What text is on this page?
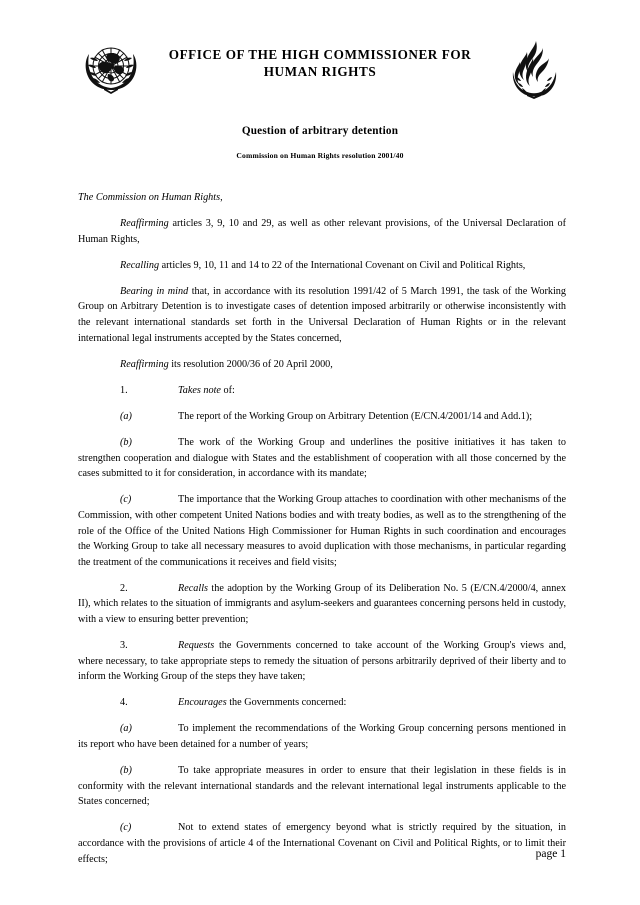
OFFICE OF THE HIGH COMMISSIONER FOR
HUMAN RIGHTS
Question of arbitrary detention
Commission on Human Rights resolution 2001/40

The Commission on Human Rights,

Reaffirming articles 3, 9, 10 and 29, as well as other relevant provisions, of the Universal Declaration of Human Rights,

Recalling articles 9, 10, 11 and 14 to 22 of the International Covenant on Civil and Political Rights,

Bearing in mind that, in accordance with its resolution 1991/42 of 5 March 1991, the task of the Working Group on Arbitrary Detention is to investigate cases of detention imposed arbitrarily or otherwise inconsistently with the relevant international standards set forth in the Universal Declaration of Human Rights or in the relevant international legal instruments accepted by the States concerned,

Reaffirming its resolution 2000/36 of 20 April 2000,

1.	Takes note of:

(a)	The report of the Working Group on Arbitrary Detention (E/CN.4/2001/14 and Add.1);

(b)	The work of the Working Group and underlines the positive initiatives it has taken to strengthen cooperation and dialogue with States and the establishment of cooperation with all those concerned by the cases submitted to it for consideration, in accordance with its mandate;

(c)	The importance that the Working Group attaches to coordination with other mechanisms of the Commission, with other competent United Nations bodies and with treaty bodies, as well as to the strengthening of the role of the Office of the United Nations High Commissioner for Human Rights in such coordination and encourages the Working Group to take all necessary measures to avoid duplication with those mechanisms, in particular regarding the treatment of the communications it receives and field visits;

2.	Recalls the adoption by the Working Group of its Deliberation No. 5 (E/CN.4/2000/4, annex II), which relates to the situation of immigrants and asylum-seekers and guarantees concerning persons held in custody, with a view to ensuring better prevention;

3.	Requests the Governments concerned to take account of the Working Group's views and, where necessary, to take appropriate steps to remedy the situation of persons arbitrarily deprived of their liberty and to inform the Working Group of the steps they have taken;

4.	Encourages the Governments concerned:

(a)	To implement the recommendations of the Working Group concerning persons mentioned in its report who have been detained for a number of years;

(b)	To take appropriate measures in order to ensure that their legislation in these fields is in conformity with the relevant international standards and the relevant international legal instruments applicable to the States concerned;

(c)	Not to extend states of emergency beyond what is strictly required by the situation, in accordance with the provisions of article 4 of the International Covenant on Civil and Political Rights, or to limit their effects;	page 1
